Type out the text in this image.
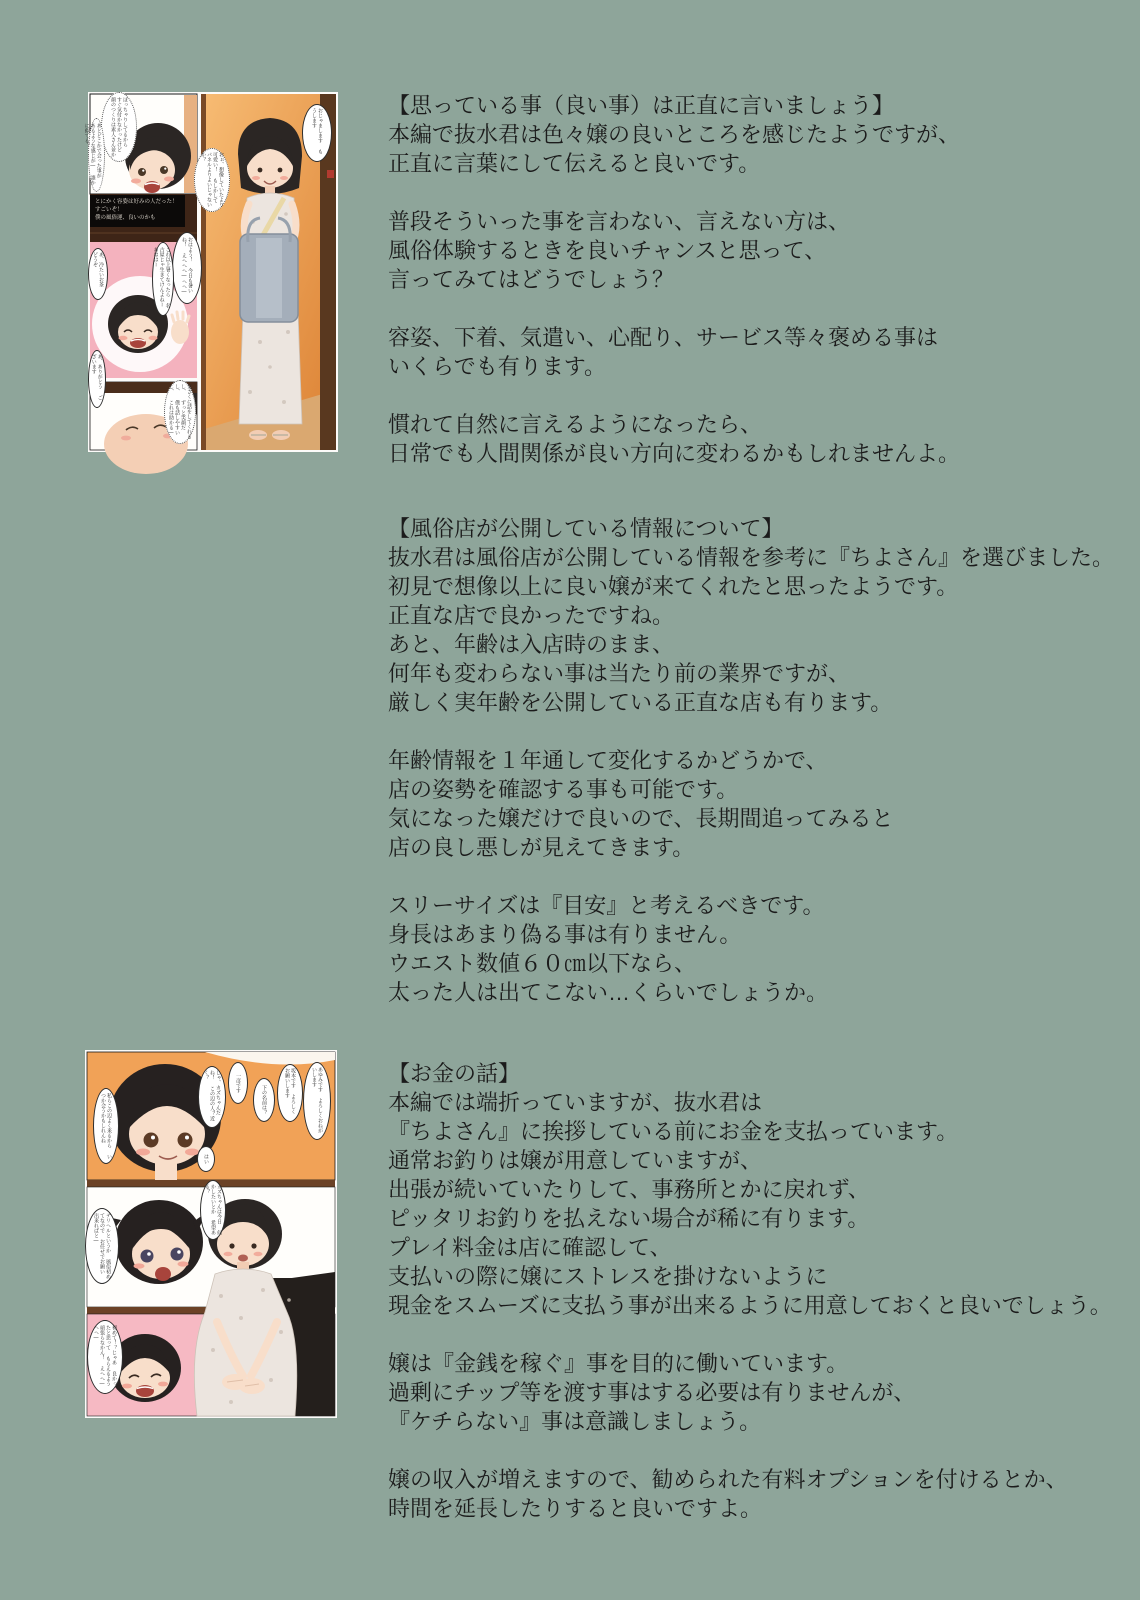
ぽっちゃりしてるから すぐ気付かなかったけど 顔のつくりは素人さん並か
あとどこかで会った事が あるような感じが― 誰かに似てる？
おぉ、想像していたより可愛い！ もしかしてパネルよりよいじゃないか？
おじゃまします もうします
おはよう！ 今日も暑いね！ えへへへ―ヘヘ―
これ以上暑くなったら 名古屋じゃ生きてけんよねー あははー
あ、冷たいお茶 どうぞ
あ、ありがとう ございます
気さくに話をしてくれるし、 ずっと笑顔だし、 僕も話しやすいし、 これは助かる―
とにかく容姿は好みの人だった！
すごいぞ！
僕の風俗運、良いのかも
あゆみです よろしくおねがいします
坂本です よろしくお願いします
下の名前は？
一彦です
じゃ、カズちゃんだね！ この辺の人？近く？
はい
私らこの辺よく来るから いつか会うかもしれんね
カズちゃんは今日 何かしたいとか 希望ある？
デリヘルというか 風俗初めてなので お任せでお願い 出来ればと―
初めて！？じゃあ 良かったと思って もらえるよう頑張らなかん！ えへへ―ヘヘ―

【思っている事（良い事）は正直に言いましょう】
本編で抜水君は色々嬢の良いところを感じたようですが、
正直に言葉にして伝えると良いです。

普段そういった事を言わない、言えない方は、
風俗体験するときを良いチャンスと思って、
言ってみてはどうでしょう？

容姿、下着、気遣い、心配り、サービス等々褒める事は
いくらでも有ります。

慣れて自然に言えるようになったら、
日常でも人間関係が良い方向に変わるかもしれませんよ。

【風俗店が公開している情報について】
抜水君は風俗店が公開している情報を参考に『ちよさん』を選びました。
初見で想像以上に良い嬢が来てくれたと思ったようです。
正直な店で良かったですね。
あと、年齢は入店時のまま、
何年も変わらない事は当たり前の業界ですが、
厳しく実年齢を公開している正直な店も有ります。

年齢情報を１年通して変化するかどうかで、
店の姿勢を確認する事も可能です。
気になった嬢だけで良いので、長期間追ってみると
店の良し悪しが見えてきます。

スリーサイズは『目安』と考えるべきです。
身長はあまり偽る事は有りません。
ウエスト数値６０㎝以下なら、
太った人は出てこない…くらいでしょうか。

【お金の話】
本編では端折っていますが、抜水君は
『ちよさん』に挨拶している前にお金を支払っています。
通常お釣りは嬢が用意していますが、
出張が続いていたりして、事務所とかに戻れず、
ピッタリお釣りを払えない場合が稀に有ります。
プレイ料金は店に確認して、
支払いの際に嬢にストレスを掛けないように
現金をスムーズに支払う事が出来るように用意しておくと良いでしょう。

嬢は『金銭を稼ぐ』事を目的に働いています。
過剰にチップ等を渡す事はする必要は有りませんが、
『ケチらない』事は意識しましょう。

嬢の収入が増えますので、勧められた有料オプションを付けるとか、
時間を延長したりすると良いですよ。
